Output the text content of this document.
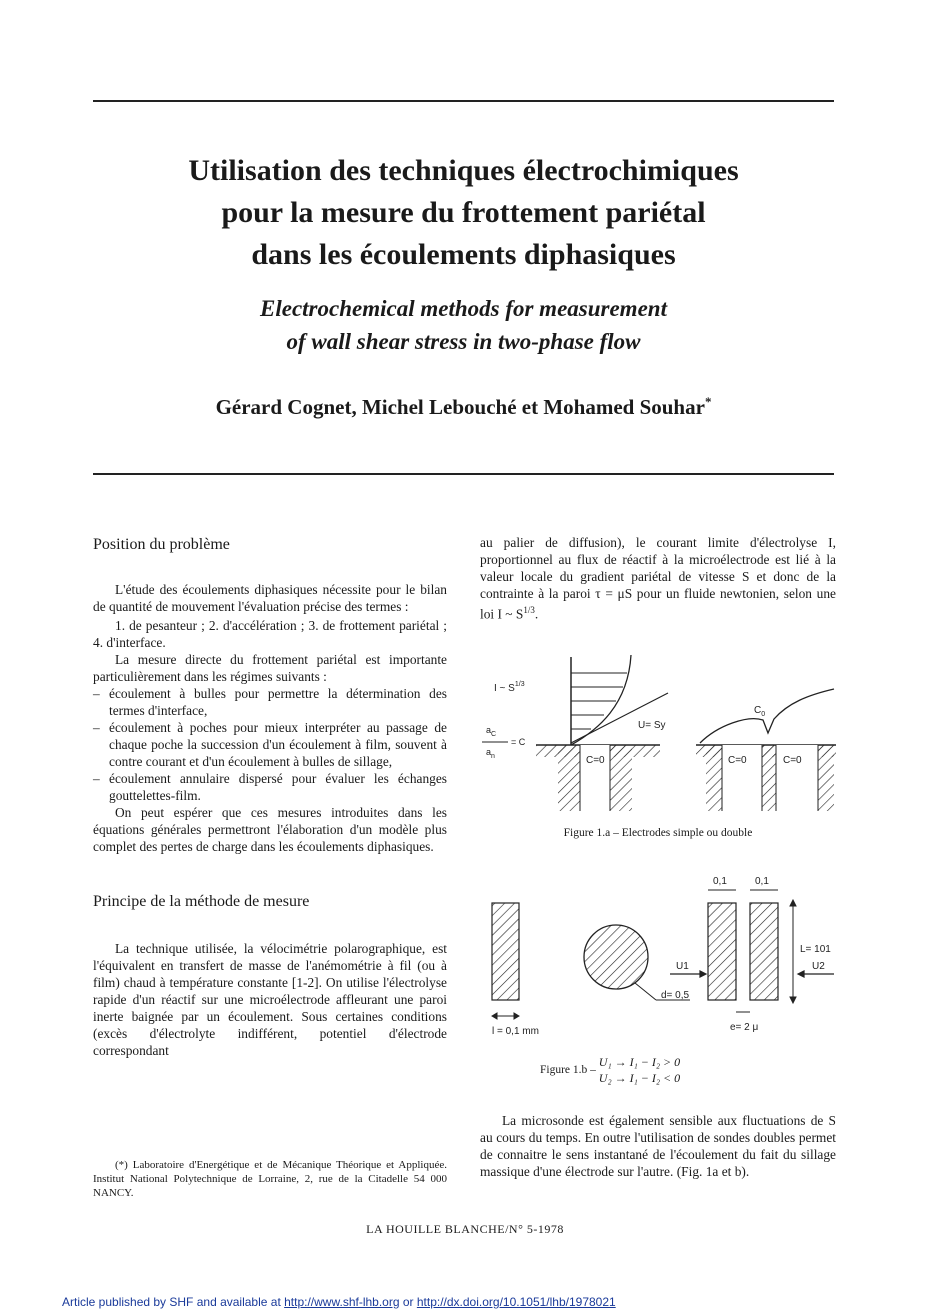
Utilisation des techniques électrochimiques
pour la mesure du frottement pariétal
dans les écoulements diphasiques
Electrochemical methods for measurement
of wall shear stress in two-phase flow
Gérard Cognet, Michel Lebouché et Mohamed Souhar*
Position du problème

L'étude des écoulements diphasiques nécessite pour le bilan de quantité de mouvement l'évaluation précise des termes :

1. de pesanteur ; 2. d'accélération ; 3. de frottement pariétal ; 4. d'interface.

La mesure directe du frottement pariétal est importante particulièrement dans les régimes suivants :

– écoulement à bulles pour permettre la détermination des termes d'interface,
– écoulement à poches pour mieux interpréter au passage de chaque poche la succession d'un écoulement à film, souvent à contre courant et d'un écoulement à bulles de sillage,
– écoulement annulaire dispersé pour évaluer les échanges gouttelettes-film.

On peut espérer que ces mesures introduites dans les équations générales permettront l'élaboration d'un modèle plus complet des pertes de charge dans les écoulements diphasiques.

Principe de la méthode de mesure

La technique utilisée, la vélocimétrie polarographique, est l'équivalent en transfert de masse de l'anémométrie à fil (ou à film) chaud à température constante [1-2]. On utilise l'électrolyse rapide d'un réactif sur une microélectrode affleurant une paroi inerte baignée par un écoulement. Sous certaines conditions (excès d'électrolyte indifférent, potentiel d'électrode correspondant

(*) Laboratoire d'Energétique et de Mécanique Théorique et Appliquée. Institut National Polytechnique de Lorraine, 2, rue de la Citadelle 54 000 NANCY.

au palier de diffusion), le courant limite d'électrolyse I, proportionnel au flux de réactif à la microélectrode est lié à la valeur locale du gradient pariétal de vitesse S et donc de la contrainte à la paroi τ = μS pour un fluide newtonien, selon une loi I ~ $S^{1/3}$.

I ~ $S^{1/3}$
U= Sy
$a_C$
$a_n$
= C
C=0
$C_0$
C=0	C=0
Figure 1.a – Electrodes simple ou double
l = 0,1 mm
d= 0,5
0,1	0,1
L= 101
U1	U2
e= 2 μ
Figure 1.b – U₁ → I₁ − I₂ > 0
U₂ → I₁ − I₂ < 0

La microsonde est également sensible aux fluctuations de S au cours du temps. En outre l'utilisation de sondes doubles permet de connaitre le sens instantané de l'écoulement du fait du sillage massique d'une électrode sur l'autre. (Fig. 1a et b).

LA HOUILLE BLANCHE/N° 5-1978
Article published by SHF and available at http://www.shf-lhb.org or http://dx.doi.org/10.1051/lhb/1978021
